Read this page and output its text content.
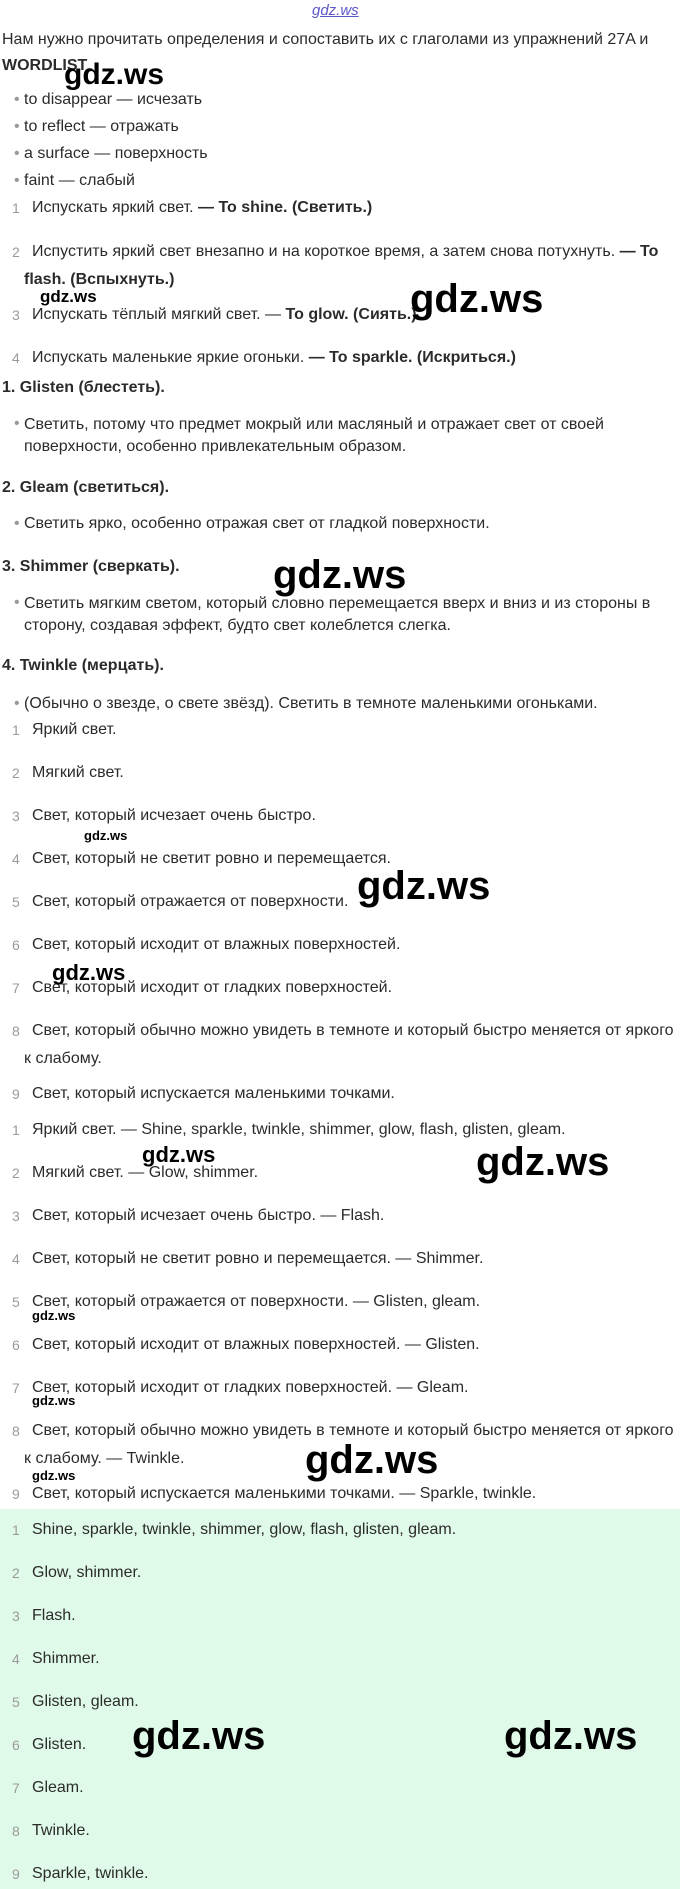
gdz.ws
Нам нужно прочитать определения и сопоставить их с глаголами из упражнений 27A и
WORDLIST
• to disappear — исчезать
• to reflect — отражать
• a surface — поверхность
• faint — слабый
1 Испускать яркий свет. — To shine. (Светить.)
2 Испустить яркий свет внезапно и на короткое время, а затем снова потухнуть. — To flash. (Вспыхнуть.)
3 Испускать тёплый мягкий свет. — To glow. (Сиять.)
4 Испускать маленькие яркие огоньки. — To sparkle. (Искриться.)
1. Glisten (блестеть).
• Светить, потому что предмет мокрый или масляный и отражает свет от своей поверхности, особенно привлекательным образом.
2. Gleam (светиться).
• Светить ярко, особенно отражая свет от гладкой поверхности.
3. Shimmer (сверкать).
• Светить мягким светом, который словно перемещается вверх и вниз и из стороны в сторону, создавая эффект, будто свет колеблется слегка.
4. Twinkle (мерцать).
• (Обычно о звезде, о свете звёзд). Светить в темноте маленькими огоньками.
1 Яркий свет.
2 Мягкий свет.
3 Свет, который исчезает очень быстро.
4 Свет, который не светит ровно и перемещается.
5 Свет, который отражается от поверхности.
6 Свет, который исходит от влажных поверхностей.
7 Свет, который исходит от гладких поверхностей.
8 Свет, который обычно можно увидеть в темноте и который быстро меняется от яркого к слабому.
9 Свет, который испускается маленькими точками.
1 Яркий свет. — Shine, sparkle, twinkle, shimmer, glow, flash, glisten, gleam.
2 Мягкий свет. — Glow, shimmer.
3 Свет, который исчезает очень быстро. — Flash.
4 Свет, который не светит ровно и перемещается. — Shimmer.
5 Свет, который отражается от поверхности. — Glisten, gleam.
6 Свет, который исходит от влажных поверхностей. — Glisten.
7 Свет, который исходит от гладких поверхностей. — Gleam.
8 Свет, который обычно можно увидеть в темноте и который быстро меняется от яркого к слабому. — Twinkle.
9 Свет, который испускается маленькими точками. — Sparkle, twinkle.
1 Shine, sparkle, twinkle, shimmer, glow, flash, glisten, gleam.
2 Glow, shimmer.
3 Flash.
4 Shimmer.
5 Glisten, gleam.
6 Glisten.
7 Gleam.
8 Twinkle.
9 Sparkle, twinkle.
gdz.ws
gdz.ws	gdz.ws
gdz.ws
gdz.ws
gdz.ws
gdz.ws
gdz.ws	gdz.ws
gdz.ws
gdz.ws
gdz.ws	gdz.ws
gdz.ws	gdz.ws
